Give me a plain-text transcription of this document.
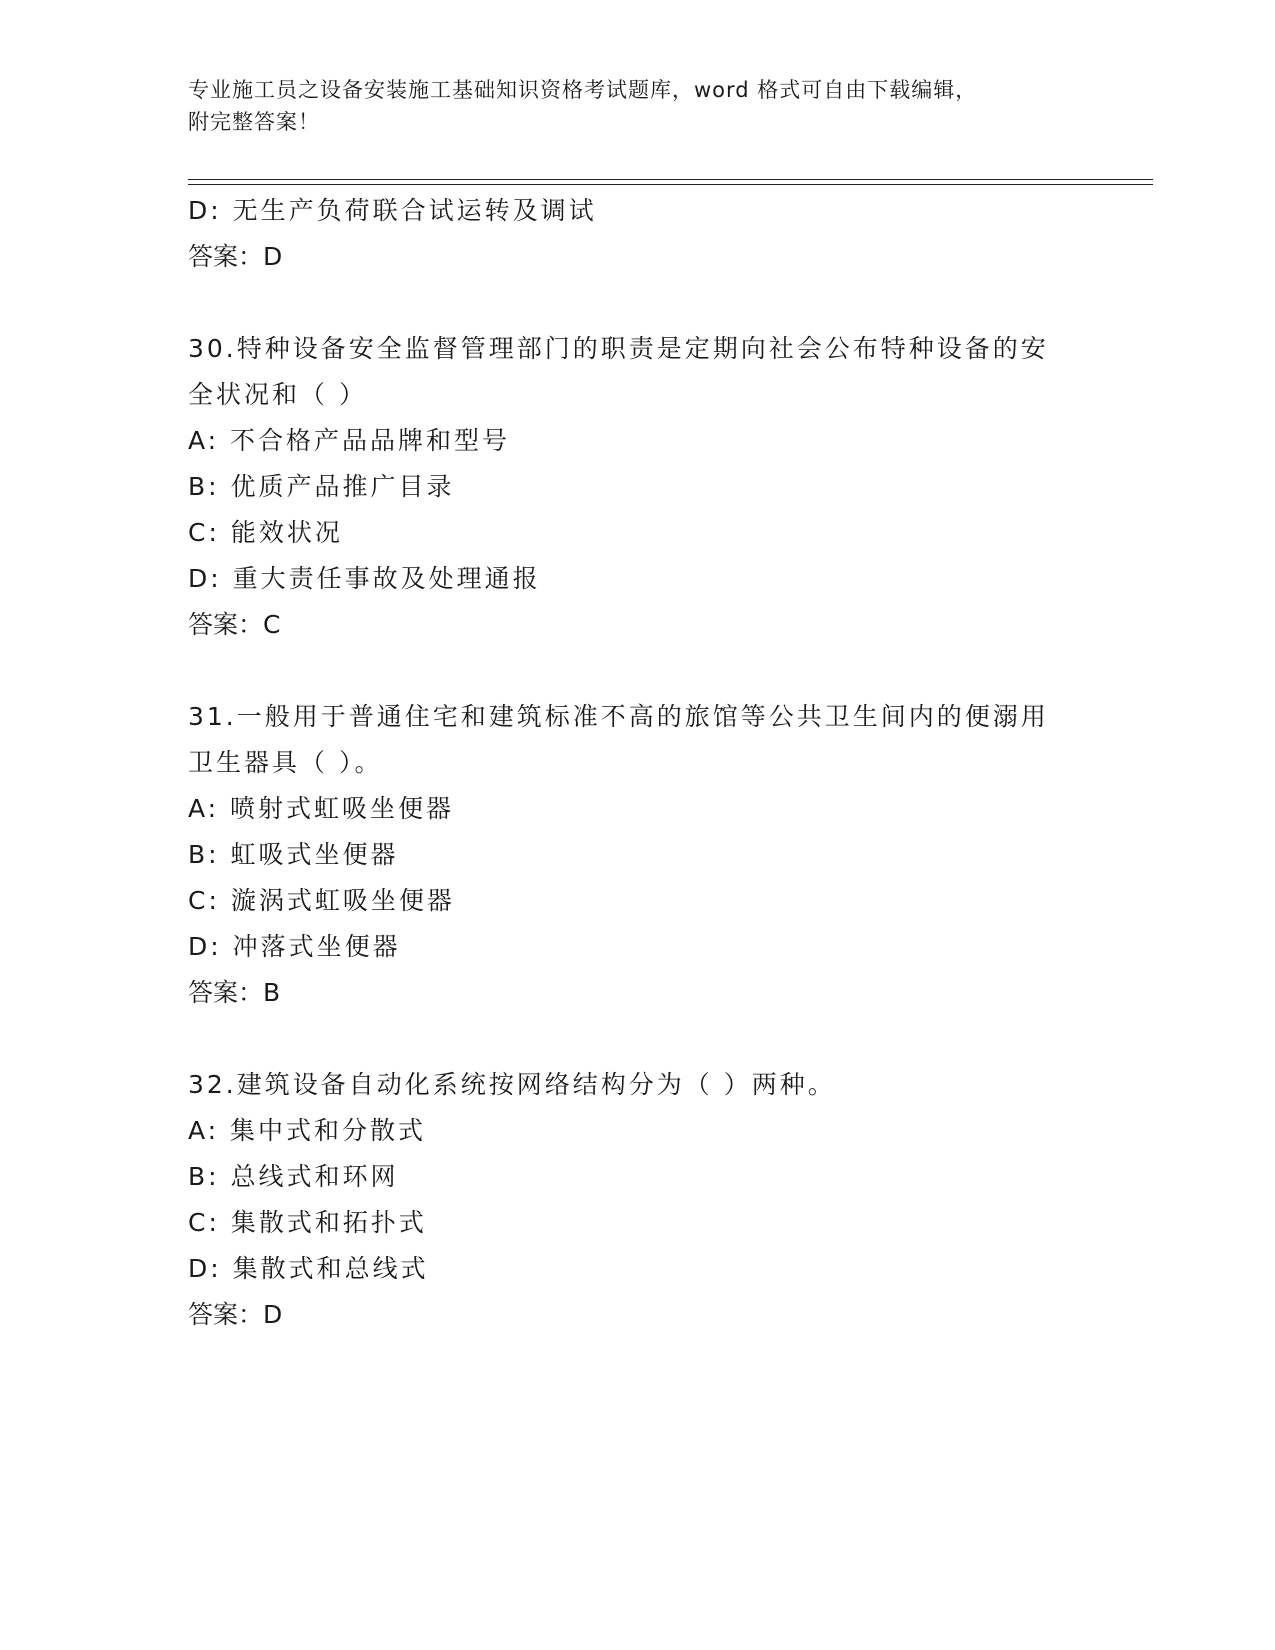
专业施工员之设备安装施工基础知识资格考试题库，word 格式可自由下载编辑，
附完整答案！
D: 无生产负荷联合试运转及调试
答案：D
30.特种设备安全监督管理部门的职责是定期向社会公布特种设备的安
全状况和（ ）
A: 不合格产品品牌和型号
B: 优质产品推广目录
C: 能效状况
D: 重大责任事故及处理通报
答案：C
31.一般用于普通住宅和建筑标准不高的旅馆等公共卫生间内的便溺用
卫生器具（ ）。
A: 喷射式虹吸坐便器
B: 虹吸式坐便器
C: 漩涡式虹吸坐便器
D: 冲落式坐便器
答案：B
32.建筑设备自动化系统按网络结构分为（ ）两种。
A: 集中式和分散式
B: 总线式和环网
C: 集散式和拓扑式
D: 集散式和总线式
答案：D
